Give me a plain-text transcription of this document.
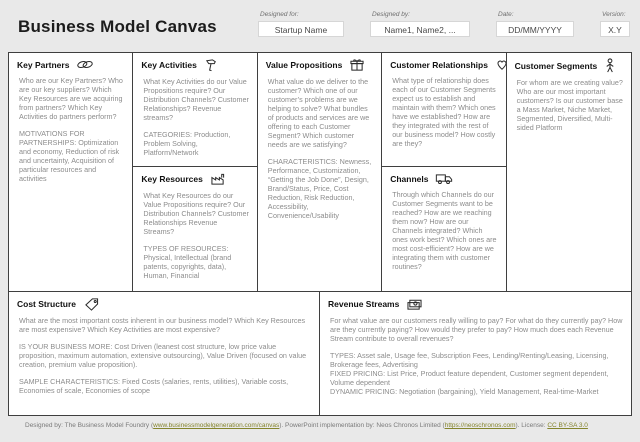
Business Model Canvas
Designed for:
Startup Name
Designed by:
Name1, Name2, ...
Date:
DD/MM/YYYY
Version:
X.Y
Key Partners
Who are our Key Partners? Who are our key suppliers? Which Key Resources are we acquiring from partners? Which Key Activities do partners perform?
MOTIVATIONS FOR PARTNERSHIPS: Optimization and economy, Reduction of risk and uncertainty, Acquisition of particular resources and activities
Key Activities
What Key Activities do our Value Propositions require? Our Distribution Channels? Customer Relationships? Revenue streams?
CATEGORIES: Production, Problem Solving, Platform/Network
Key Resources
What Key Resources do our Value Propositions require? Our Distribution Channels? Customer Relationships Revenue Streams?
TYPES OF RESOURCES: Physical, Intellectual (brand patents, copyrights, data), Human, Financial
Value Propositions
What value do we deliver to the customer? Which one of our customer’s problems are we helping to solve? What bundles of products and services are we offering to each Customer Segment? Which customer needs are we satisfying?
CHARACTERISTICS: Newness, Performance, Customization, “Getting the Job Done”, Design, Brand/Status, Price, Cost Reduction, Risk Reduction, Accessibility, Convenience/Usability
Customer Relationships
What type of relationship does each of our Customer Segments expect us to establish and maintain with them? Which ones have we established? How are they integrated with the rest of our business model? How costly are they?
Channels
Through which Channels do our Customer Segments want to be reached? How are we reaching them now? How are our Channels integrated? Which ones work best? Which ones are most cost-efficient? How are we integrating them with customer routines?
Customer Segments
For whom are we creating value? Who are our most important customers? Is our customer base a Mass Market, Niche Market, Segmented, Diversified, Multi-sided Platform
Cost Structure
What are the most important costs inherent in our business model? Which Key Resources are most expensive? Which Key Activities are most expensive?
IS YOUR BUSINESS MORE: Cost Driven (leanest cost structure, low price value proposition, maximum automation, extensive outsourcing), Value Driven (focused on value creation, premium value proposition).
SAMPLE CHARACTERISTICS: Fixed Costs (salaries, rents, utilities), Variable costs, Economies of scale, Economies of scope
Revenue Streams
For what value are our customers really willing to pay? For what do they currently pay? How are they currently paying? How would they prefer to pay? How much does each Revenue Stream contribute to overall revenues?
TYPES: Asset sale, Usage fee, Subscription Fees, Lending/Renting/Leasing, Licensing, Brokerage fees, Advertising
FIXED PRICING: List Price, Product feature dependent, Customer segment dependent, Volume dependent
DYNAMIC PRICING: Negotiation (bargaining), Yield Management, Real-time-Market
Designed by: The Business Model Foundry (www.businessmodelgeneration.com/canvas). PowerPoint implementation by: Neos Chronos Limited (https://neoschronos.com). License: CC BY-SA 3.0
